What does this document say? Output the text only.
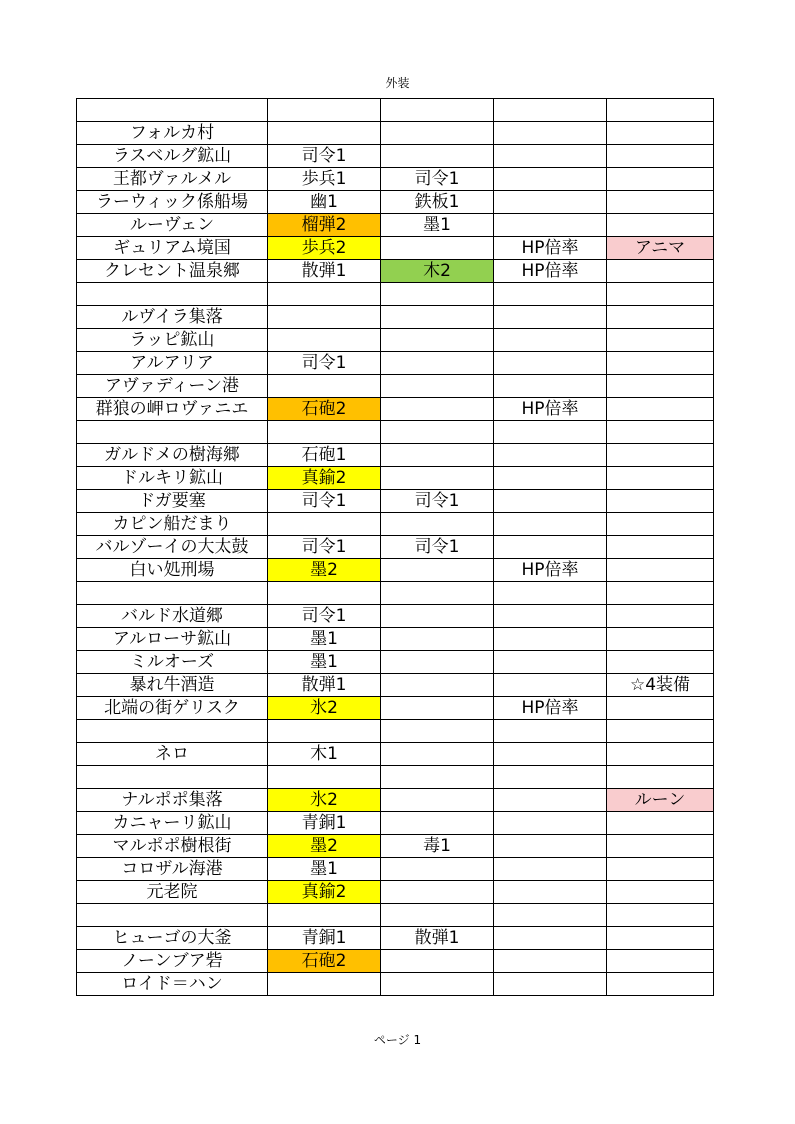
外装

フォルカ村				
ラスベルグ鉱山	司令1			
王都ヴァルメル	歩兵1	司令1		
ラーウィック係船場	幽1	鉄板1		
ルーヴェン	榴弾2	墨1		
ギュリアム境国	歩兵2		HP倍率	アニマ
クレセント温泉郷	散弾1	木2	HP倍率	

ルヴイラ集落				
ラッピ鉱山				
アルアリア	司令1			
アヴァディーン港				
群狼の岬ロヴァニエ	石砲2		HP倍率	

ガルドメの樹海郷	石砲1			
ドルキリ鉱山	真鍮2			
ドガ要塞	司令1	司令1		
カピン船だまり				
バルゾーイの大太鼓	司令1	司令1		
白い処刑場	墨2		HP倍率	

バルド水道郷	司令1			
アルローサ鉱山	墨1			
ミルオーズ	墨1			
暴れ牛酒造	散弾1			☆4装備
北端の街ゲリスク	氷2		HP倍率	

ネロ	木1			

ナルポポ集落	氷2			ルーン
カニャーリ鉱山	青銅1			
マルポポ樹根街	墨2	毒1		
コロザル海港	墨1			
元老院	真鍮2			

ヒューゴの大釜	青銅1	散弾1		
ノーンブア砦	石砲2			
ロイド＝ハン				
ページ 1
